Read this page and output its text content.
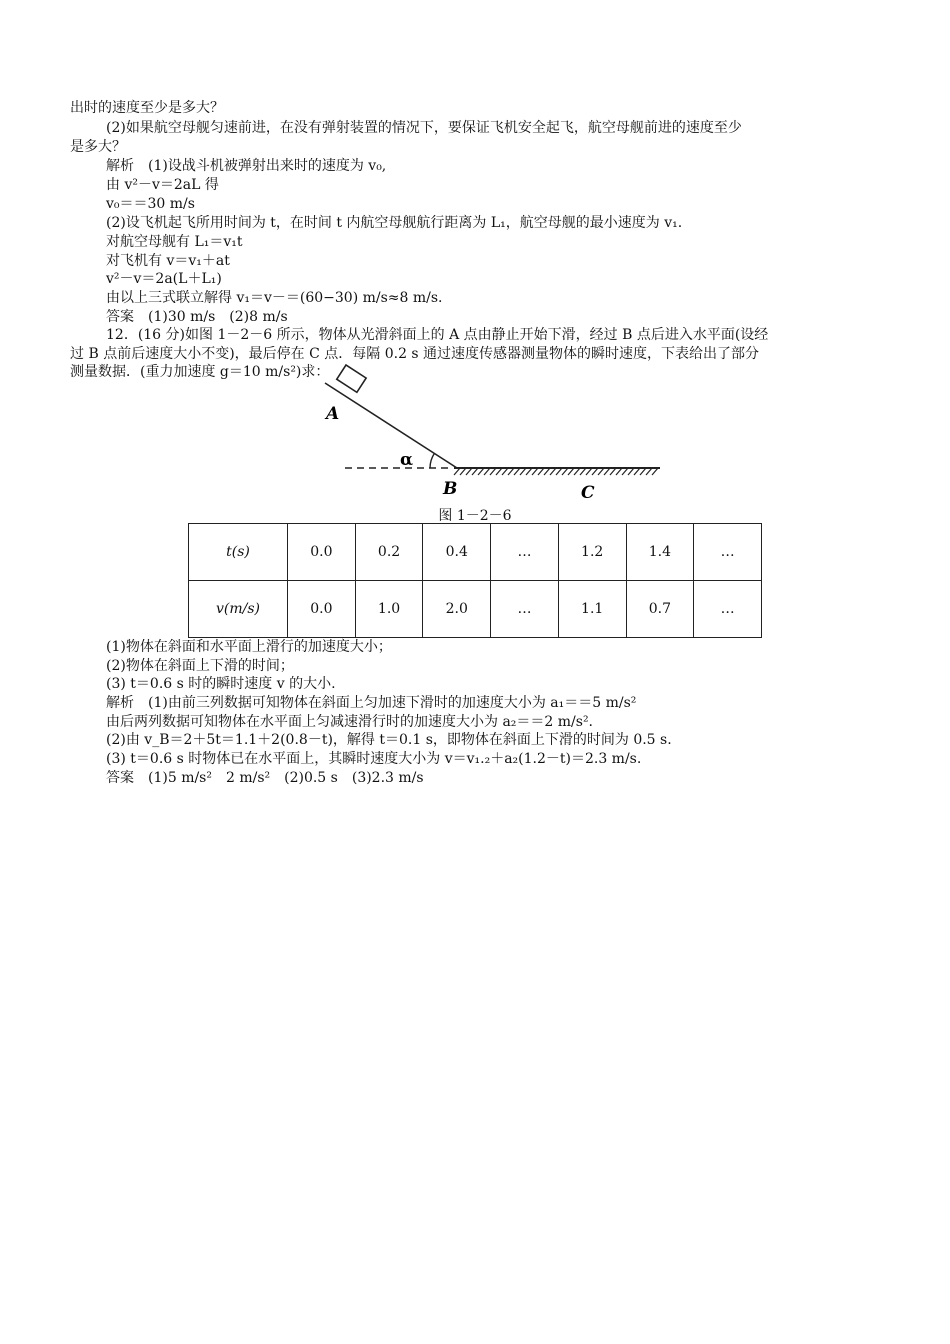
出时的速度至少是多大？
(2)如果航空母舰匀速前进，在没有弹射装置的情况下，要保证飞机安全起飞，航空母舰前进的速度至少
是多大？
解析　(1)设战斗机被弹射出来时的速度为 v₀,
由 v²－v＝2aL 得
v₀＝＝30 m/s
(2)设飞机起飞所用时间为 t，在时间 t 内航空母舰航行距离为 L₁，航空母舰的最小速度为 v₁.
对航空母舰有 L₁＝v₁t
对飞机有 v＝v₁＋at
v²－v＝2a(L＋L₁)
由以上三式联立解得 v₁＝v－＝(60−30) m/s≈8 m/s.
答案　(1)30 m/s　(2)8 m/s
12．(16 分)如图 1－2－6 所示，物体从光滑斜面上的 A 点由静止开始下滑，经过 B 点后进入水平面(设经
过 B 点前后速度大小不变)，最后停在 C 点．每隔 0.2 s 通过速度传感器测量物体的瞬时速度，下表给出了部分
测量数据．(重力加速度 g＝10 m/s²)求：
A
α
B	C
图 1－2－6
t(s)	0.0	0.2	0.4	…	1.2	1.4	…
v(m/s)	0.0	1.0	2.0	…	1.1	0.7	…
(1)物体在斜面和水平面上滑行的加速度大小；
(2)物体在斜面上下滑的时间；
(3) t＝0.6 s 时的瞬时速度 v 的大小.
解析　(1)由前三列数据可知物体在斜面上匀加速下滑时的加速度大小为 a₁＝＝5 m/s²
由后两列数据可知物体在水平面上匀减速滑行时的加速度大小为 a₂＝＝2 m/s².
(2)由 v_B＝2＋5t＝1.1＋2(0.8－t)，解得 t＝0.1 s，即物体在斜面上下滑的时间为 0.5 s.
(3) t＝0.6 s 时物体已在水平面上，其瞬时速度大小为 v＝v₁.₂＋a₂(1.2－t)＝2.3 m/s.
答案　(1)5 m/s²　2 m/s²　(2)0.5 s　(3)2.3 m/s
